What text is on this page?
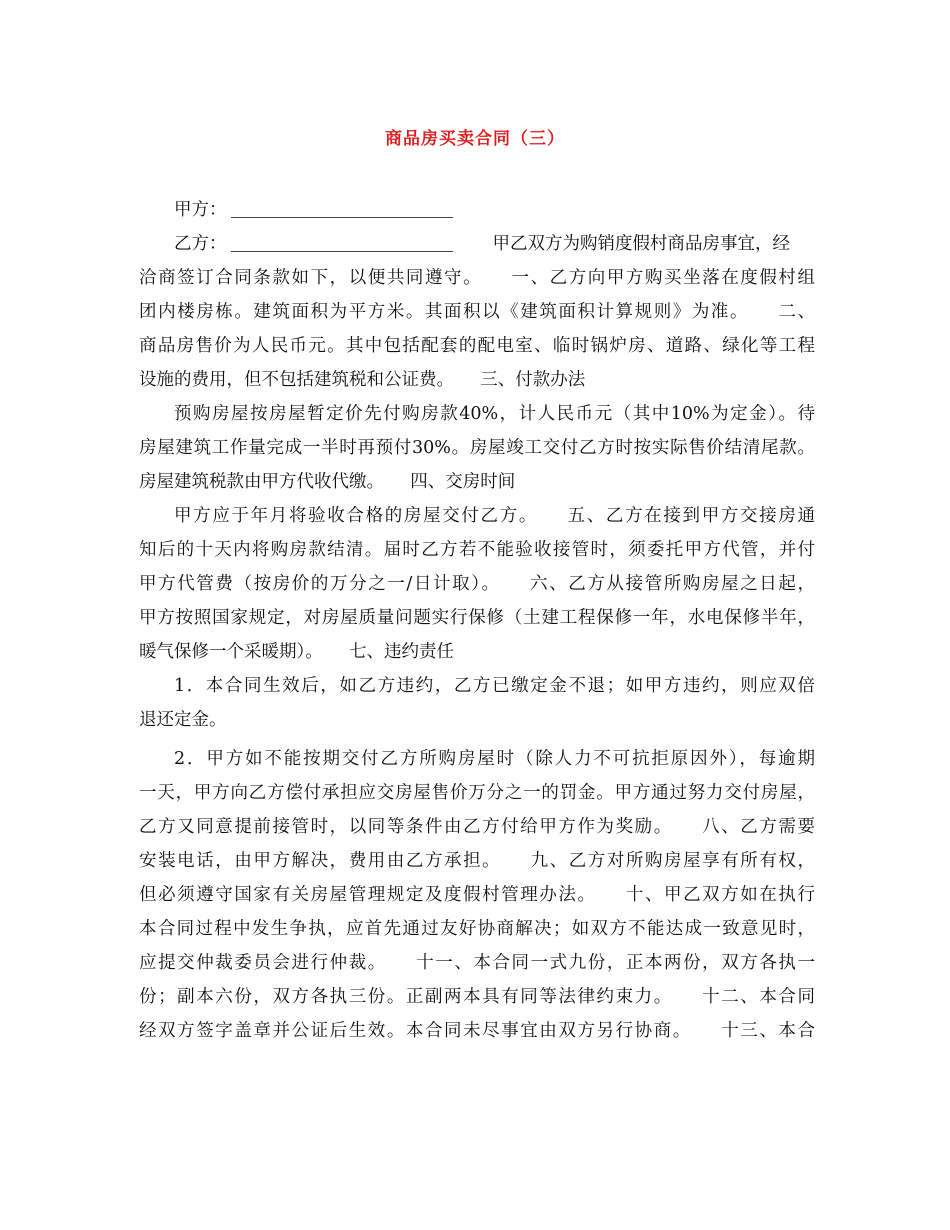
商品房买卖合同（三）
甲方：
乙方：	甲乙双方为购销度假村商品房事宜，经
洽商签订合同条款如下，以便共同遵守。　　一、乙方向甲方购买坐落在度假村组
团内楼房栋。建筑面积为平方米。其面积以《建筑面积计算规则》为准。　　二、
商品房售价为人民币元。其中包括配套的配电室、临时锅炉房、道路、绿化等工程
设施的费用，但不包括建筑税和公证费。　　三、付款办法
预购房屋按房屋暂定价先付购房款40%，计人民币元（其中10%为定金）。待
房屋建筑工作量完成一半时再预付30%。房屋竣工交付乙方时按实际售价结清尾款。
房屋建筑税款由甲方代收代缴。　　四、交房时间
甲方应于年月将验收合格的房屋交付乙方。　　五、乙方在接到甲方交接房通
知后的十天内将购房款结清。届时乙方若不能验收接管时，须委托甲方代管，并付
甲方代管费（按房价的万分之一/日计取）。　　六、乙方从接管所购房屋之日起，
甲方按照国家规定，对房屋质量问题实行保修（土建工程保修一年，水电保修半年，
暖气保修一个采暖期）。　　七、违约责任
1．本合同生效后，如乙方违约，乙方已缴定金不退；如甲方违约，则应双倍
退还定金。
2．甲方如不能按期交付乙方所购房屋时（除人力不可抗拒原因外），每逾期
一天，甲方向乙方偿付承担应交房屋售价万分之一的罚金。甲方通过努力交付房屋，
乙方又同意提前接管时，以同等条件由乙方付给甲方作为奖励。　　八、乙方需要
安装电话，由甲方解决，费用由乙方承担。　　九、乙方对所购房屋享有所有权，
但必须遵守国家有关房屋管理规定及度假村管理办法。　　十、甲乙双方如在执行
本合同过程中发生争执，应首先通过友好协商解决；如双方不能达成一致意见时，
应提交仲裁委员会进行仲裁。　　十一、本合同一式九份，正本两份，双方各执一
份；副本六份，双方各执三份。正副两本具有同等法律约束力。　　十二、本合同
经双方签字盖章并公证后生效。本合同未尽事宜由双方另行协商。　　十三、本合
